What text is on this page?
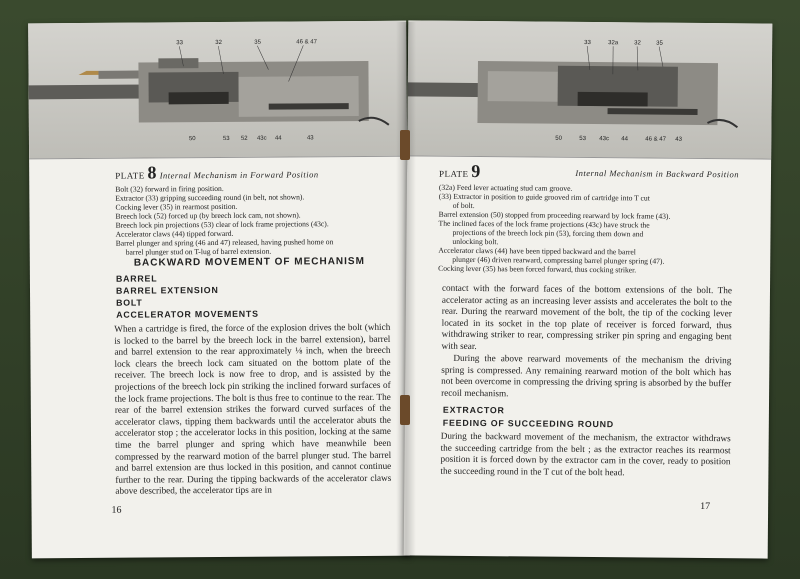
33	32	35	46 & 47
50	53 52 43c 44	43
PLATE 8 Internal Mechanism in Forward Position
Bolt (32) forward in firing position.
Extractor (33) gripping succeeding round (in belt, not shown).
Cocking lever (35) in rearmost position.
Breech lock (52) forced up (by breech lock cam, not shown).
Breech lock pin projections (53) clear of lock frame projections (43c).
Accelerator claws (44) tipped forward.
Barrel plunger and spring (46 and 47) released, having pushed home on
barrel plunger stud on T-lug of barrel extension.
BACKWARD MOVEMENT OF MECHANISM
BARREL
BARREL EXTENSION
BOLT
ACCELERATOR MOVEMENTS
When a cartridge is fired, the force of the explosion drives the bolt (which is locked to the barrel by the breech lock in the barrel extension), barrel and barrel extension to the rear approximately ⅛ inch, when the breech lock clears the breech lock cam situated on the bottom plate of the receiver. The breech lock is now free to drop, and is assisted by the projections of the breech lock pin striking the inclined forward surfaces of the lock frame projections. The bolt is thus free to continue to the rear. The rear of the barrel extension strikes the forward curved surfaces of the accelerator claws, tipping them backwards until the accelerator abuts the accelerator stop ; the accelerator locks in this position, locking at the same time the barrel plunger and spring which have meanwhile been compressed by the rearward motion of the barrel plunger stud. The barrel and barrel extension are thus locked in this position, and cannot continue further to the rear. During the tipping backwards of the accelerator claws above described, the accelerator tips are in
16
33	32a	32	35
50	53 43c 44	46 & 47 43
PLATE 9	Internal Mechanism in Backward Position
(32a) Feed lever actuating stud cam groove.
(33) Extractor in position to guide grooved rim of cartridge into T cut
of bolt.
Barrel extension (50) stopped from proceeding rearward by lock frame (43).
The inclined faces of the lock frame projections (43c) have struck the
projections of the breech lock pin (53), forcing them down and
unlocking bolt.
Accelerator claws (44) have been tipped backward and the barrel
plunger (46) driven rearward, compressing barrel plunger spring (47).
Cocking lever (35) has been forced forward, thus cocking striker.
contact with the forward faces of the bottom extensions of the bolt. The accelerator acting as an increasing lever assists and accelerates the bolt to the rear. During the rearward movement of the bolt, the tip of the cocking lever located in its socket in the top plate of receiver is forced forward, thus withdrawing striker to rear, compressing striker pin spring and engaging bent with sear.
During the above rearward movements of the mechanism the driving spring is compressed. Any remaining rearward motion of the bolt which has not been overcome in compressing the driving spring is absorbed by the buffer recoil mechanism.
EXTRACTOR
FEEDING OF SUCCEEDING ROUND
During the backward movement of the mechanism, the extractor withdraws the succeeding cartridge from the belt ; as the extractor reaches its rearmost position it is forced down by the extractor cam in the cover, ready to position the succeeding round in the T cut of the bolt head.
17
